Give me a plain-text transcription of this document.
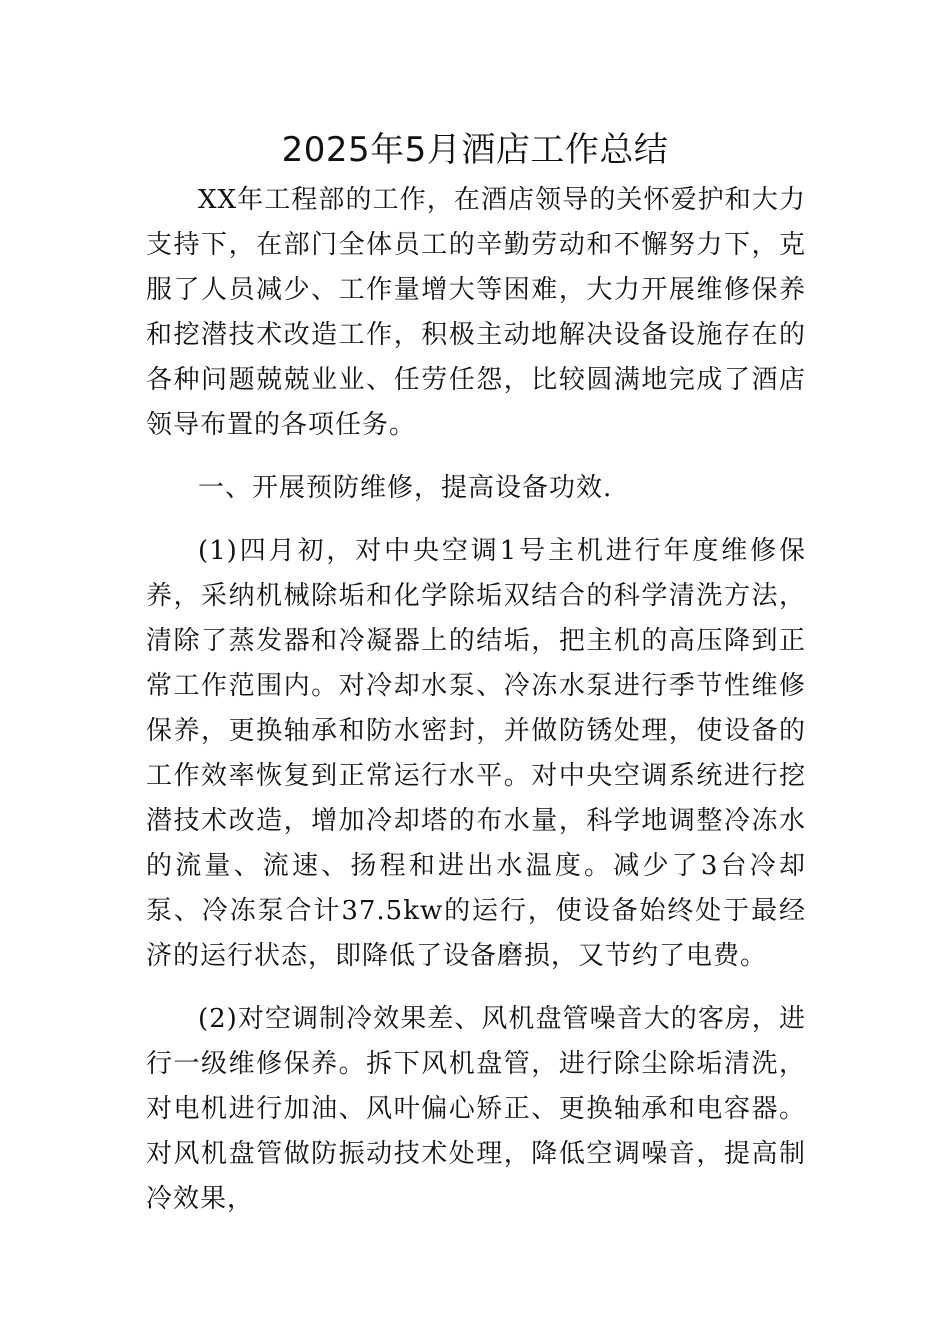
2025年5月酒店工作总结

XX年工程部的工作，在酒店领导的关怀爱护和大力支持下，在部门全体员工的辛勤劳动和不懈努力下，克服了人员减少、工作量增大等困难，大力开展维修保养和挖潜技术改造工作，积极主动地解决设备设施存在的各种问题兢兢业业、任劳任怨，比较圆满地完成了酒店领导布置的各项任务。

一、开展预防维修，提高设备功效.

(1)四月初，对中央空调1号主机进行年度维修保养，采纳机械除垢和化学除垢双结合的科学清洗方法，清除了蒸发器和冷凝器上的结垢，把主机的高压降到正常工作范围内。对冷却水泵、冷冻水泵进行季节性维修保养，更换轴承和防水密封，并做防锈处理，使设备的工作效率恢复到正常运行水平。对中央空调系统进行挖潜技术改造，增加冷却塔的布水量，科学地调整冷冻水的流量、流速、扬程和进出水温度。减少了3台冷却泵、冷冻泵合计37.5kw的运行，使设备始终处于最经济的运行状态，即降低了设备磨损，又节约了电费。

(2)对空调制冷效果差、风机盘管噪音大的客房，进行一级维修保养。拆下风机盘管，进行除尘除垢清洗，对电机进行加油、风叶偏心矫正、更换轴承和电容器。对风机盘管做防振动技术处理，降低空调噪音，提高制冷效果，
